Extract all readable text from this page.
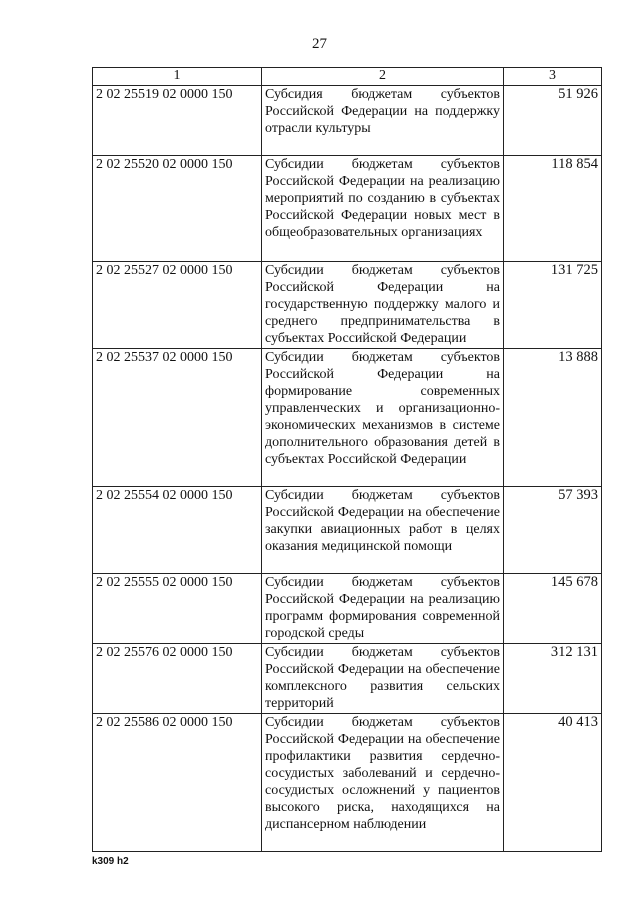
27
1	2	3
2 02 25519 02 0000 150	Субсидия бюджетам субъектов Российской Федерации на поддержку отрасли культуры	51 926
2 02 25520 02 0000 150	Субсидии бюджетам субъектов Российской Федерации на реализацию мероприятий по созданию в субъектах Российской Федерации новых мест в общеобразовательных организациях	118 854
2 02 25527 02 0000 150	Субсидии бюджетам субъектов Российской Федерации на государственную поддержку малого и среднего предпринимательства в субъектах Российской Федерации	131 725
2 02 25537 02 0000 150	Субсидии бюджетам субъектов Российской Федерации на формирование современных управленческих и организационно-экономических механизмов в системе дополнительного образования детей в субъектах Российской Федерации	13 888
2 02 25554 02 0000 150	Субсидии бюджетам субъектов Российской Федерации на обеспечение закупки авиационных работ в целях оказания медицинской помощи	57 393
2 02 25555 02 0000 150	Субсидии бюджетам субъектов Российской Федерации на реализацию программ формирования современной городской среды	145 678
2 02 25576 02 0000 150	Субсидии бюджетам субъектов Российской Федерации на обеспечение комплексного развития сельских территорий	312 131
2 02 25586 02 0000 150	Субсидии бюджетам субъектов Российской Федерации на обеспечение профилактики развития сердечно-сосудистых заболеваний и сердечно-сосудистых осложнений у пациентов высокого риска, находящихся на диспансерном наблюдении	40 413
k309 h2
